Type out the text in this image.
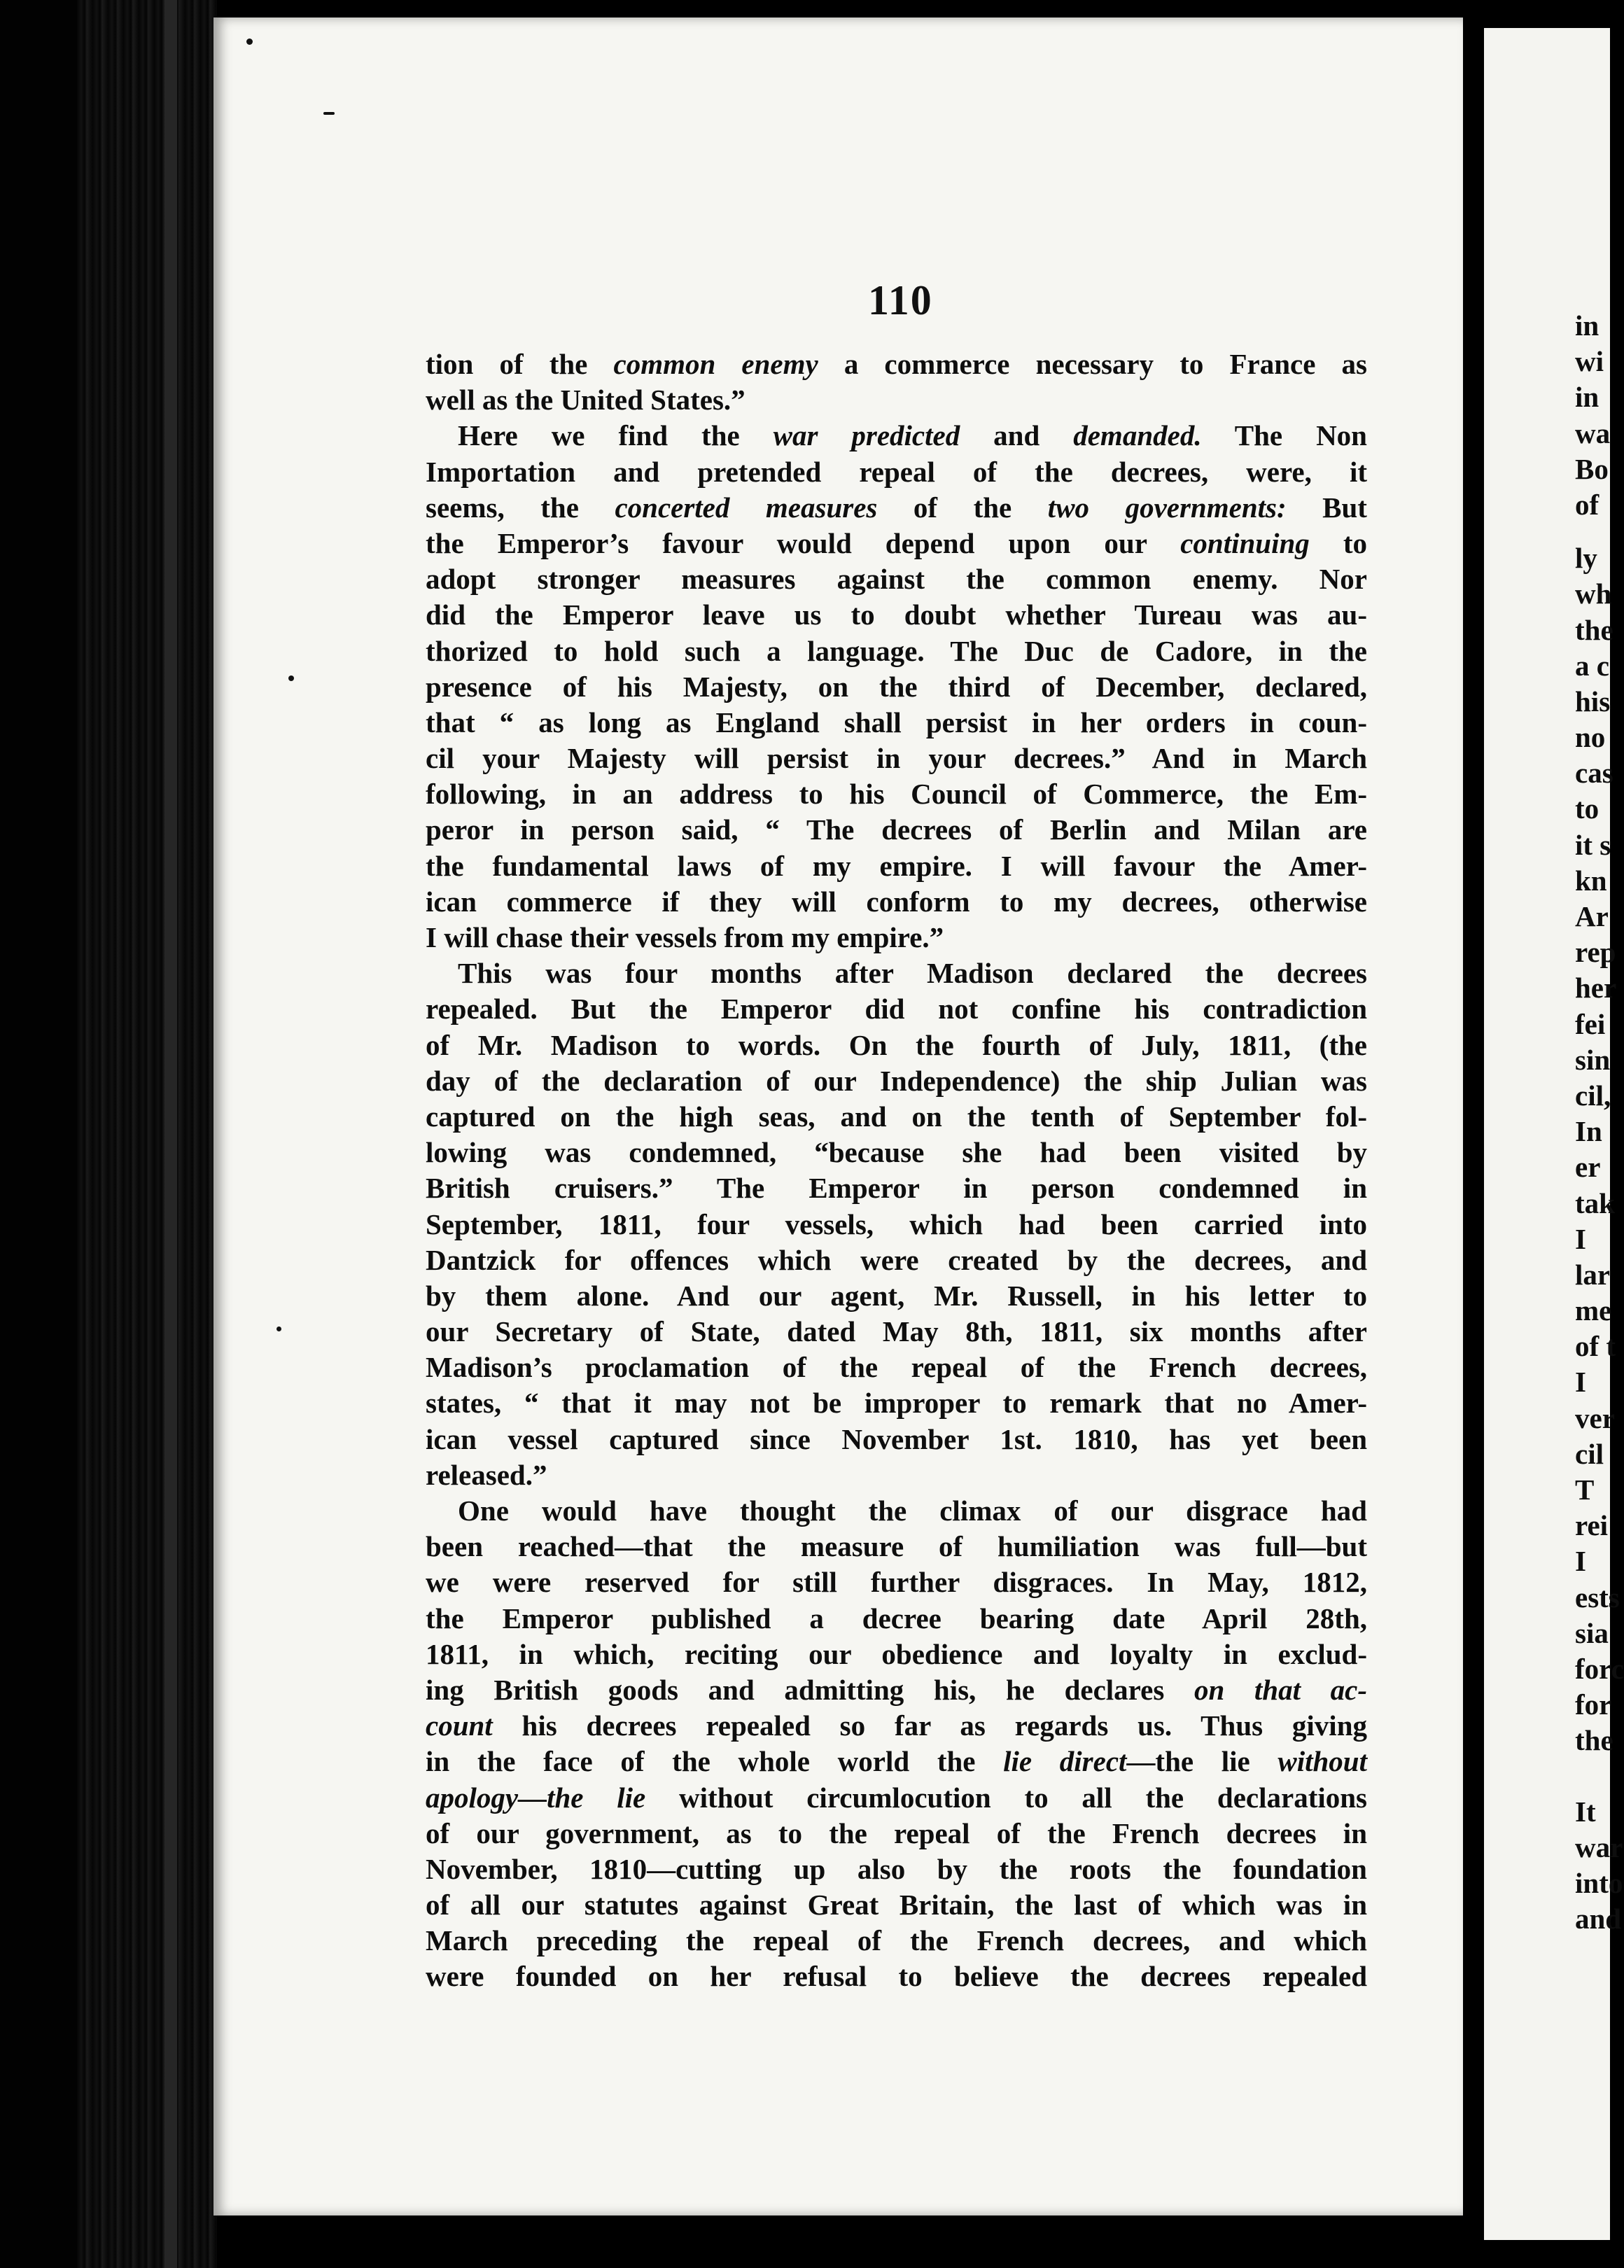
110
tion of the common enemy a commerce necessary to France as
well as the United States.”
Here we find the war predicted and demanded. The Non
Importation and pretended repeal of the decrees, were, it
seems, the concerted measures of the two governments: But
the Emperor’s favour would depend upon our continuing to
adopt stronger measures against the common enemy. Nor
did the Emperor leave us to doubt whether Tureau was au-
thorized to hold such a language. The Duc de Cadore, in the
presence of his Majesty, on the third of December, declared,
that “ as long as England shall persist in her orders in coun-
cil your Majesty will persist in your decrees.” And in March
following, in an address to his Council of Commerce, the Em-
peror in person said, “ The decrees of Berlin and Milan are
the fundamental laws of my empire. I will favour the Amer-
ican commerce if they will conform to my decrees, otherwise
I will chase their vessels from my empire.”
This was four months after Madison declared the decrees
repealed. But the Emperor did not confine his contradiction
of Mr. Madison to words. On the fourth of July, 1811, (the
day of the declaration of our Independence) the ship Julian was
captured on the high seas, and on the tenth of September fol-
lowing was condemned, “because she had been visited by
British cruisers.” The Emperor in person condemned in
September, 1811, four vessels, which had been carried into
Dantzick for offences which were created by the decrees, and
by them alone. And our agent, Mr. Russell, in his letter to
our Secretary of State, dated May 8th, 1811, six months after
Madison’s proclamation of the repeal of the French decrees,
states, “ that it may not be improper to remark that no Amer-
ican vessel captured since November 1st. 1810, has yet been
released.”
One would have thought the climax of our disgrace had
been reached—that the measure of humiliation was full—but
we were reserved for still further disgraces. In May, 1812,
the Emperor published a decree bearing date April 28th,
1811, in which, reciting our obedience and loyalty in exclud-
ing British goods and admitting his, he declares on that ac-
count his decrees repealed so far as regards us. Thus giving
in the face of the whole world the lie direct—the lie without
apology—the lie without circumlocution to all the declarations
of our government, as to the repeal of the French decrees in
November, 1810—cutting up also by the roots the foundation
of all our statutes against Great Britain, the last of which was in
March preceding the repeal of the French decrees, and which
were founded on her refusal to believe the decrees repealed
in
wi
in
wa
Bo
of
ly
wh
the
a c
his
no
cas
to
it s
kn
Ar
rep
her
fei
sin
cil,
In
er
tak
I
lar
me
of t
I
ver
cil
T
rei
I
ests
sia
forc
for
the
It
war
into
and
